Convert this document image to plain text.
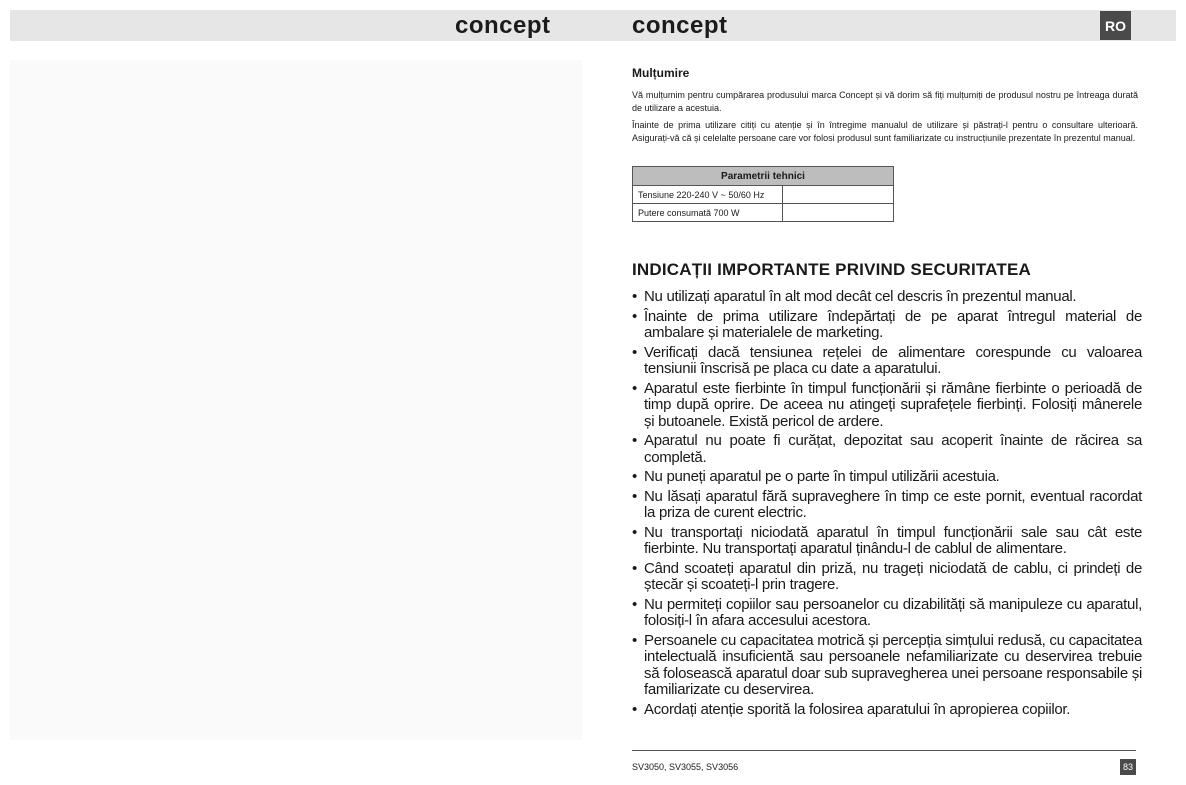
concept	concept	RO
Mulțumire

Vă mulțumim pentru cumpărarea produsului marca Concept și vă dorim să fiți mulțumiți de produsul nostru pe întreaga durată de utilizare a acestuia.

Înainte de prima utilizare citiți cu atenție și în întregime manualul de utilizare și păstrați-l pentru o consultare ulterioară. Asigurați-vă că și celelalte persoane care vor folosi produsul sunt familiarizate cu instrucțiunile prezentate în prezentul manual.

Parametrii tehnici	
Tensiune 220-240 V ~ 50/60 Hz	
Putere consumată 700 W	
INDICAȚII IMPORTANTE PRIVIND SECURITATEA
• Nu utilizați aparatul în alt mod decât cel descris în prezentul manual.
• Înainte de prima utilizare îndepărtați de pe aparat întregul material de ambalare și materialele de marketing.
• Verificați dacă tensiunea rețelei de alimentare corespunde cu valoarea tensiunii înscrisă pe placa cu date a aparatului.
• Aparatul este fierbinte în timpul funcționării și rămâne fierbinte o perioadă de timp după oprire. De aceea nu atingeți suprafețele fierbinți. Folosiți mânerele și butoanele. Există pericol de ardere.
• Aparatul nu poate fi curățat, depozitat sau acoperit înainte de răcirea sa completă.
• Nu puneți aparatul pe o parte în timpul utilizării acestuia.
• Nu lăsați aparatul fără supraveghere în timp ce este pornit, eventual racordat la priza de curent electric.
• Nu transportați niciodată aparatul în timpul funcționării sale sau cât este fierbinte. Nu transportați aparatul ținându-l de cablul de alimentare.
• Când scoateți aparatul din priză, nu trageți niciodată de cablu, ci prindeți de ștecăr și scoateți-l prin tragere.
• Nu permiteți copiilor sau persoanelor cu dizabilități să manipuleze cu aparatul, folosiți-l în afara accesului acestora.
• Persoanele cu capacitatea motrică și percepția simțului redusă, cu capacitatea intelectuală insuficientă sau persoanele nefamiliarizate cu deservirea trebuie să folosească aparatul doar sub supravegherea unei persoane responsabile și familiarizate cu deservirea.
• Acordați atenție sporită la folosirea aparatului în apropierea copiilor.
SV3050, SV3055, SV3056	83
